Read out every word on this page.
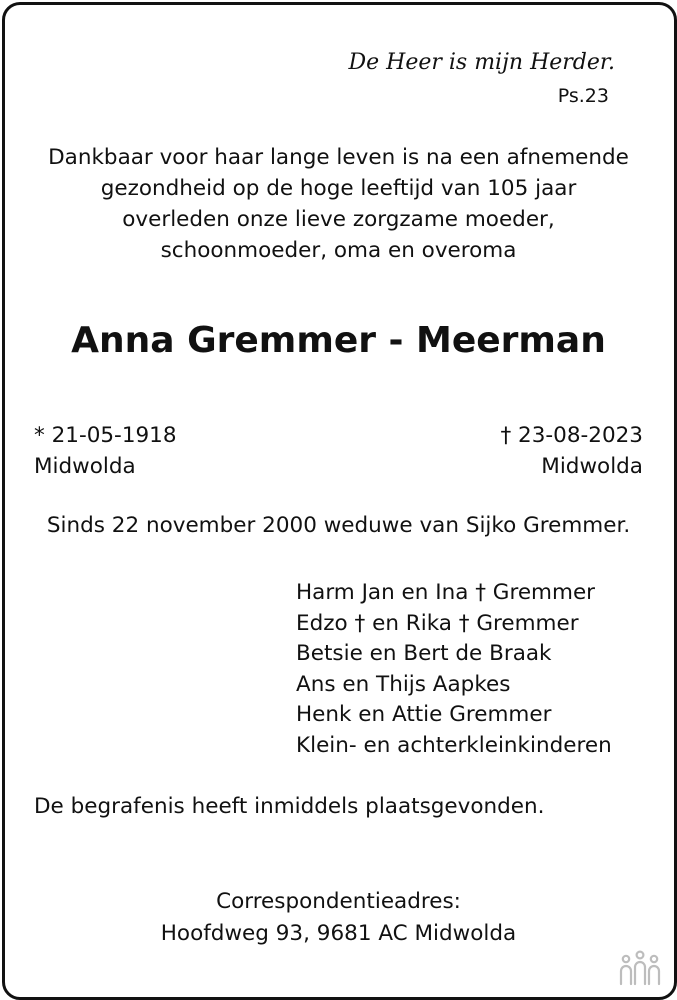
De Heer is mijn Herder.
Ps.23
Dankbaar voor haar lange leven is na een afnemende
gezondheid op de hoge leeftijd van 105 jaar
overleden onze lieve zorgzame moeder,
schoonmoeder, oma en overoma
Anna Gremmer - Meerman
* 21-05-1918
Midwolda
† 23-08-2023
Midwolda
Sinds 22 november 2000 weduwe van Sijko Gremmer.
Harm Jan en Ina † Gremmer
Edzo † en Rika † Gremmer
Betsie en Bert de Braak
Ans en Thijs Aapkes
Henk en Attie Gremmer
Klein- en achterkleinkinderen
De begrafenis heeft inmiddels plaatsgevonden.
Correspondentieadres:
Hoofdweg 93, 9681 AC Midwolda
